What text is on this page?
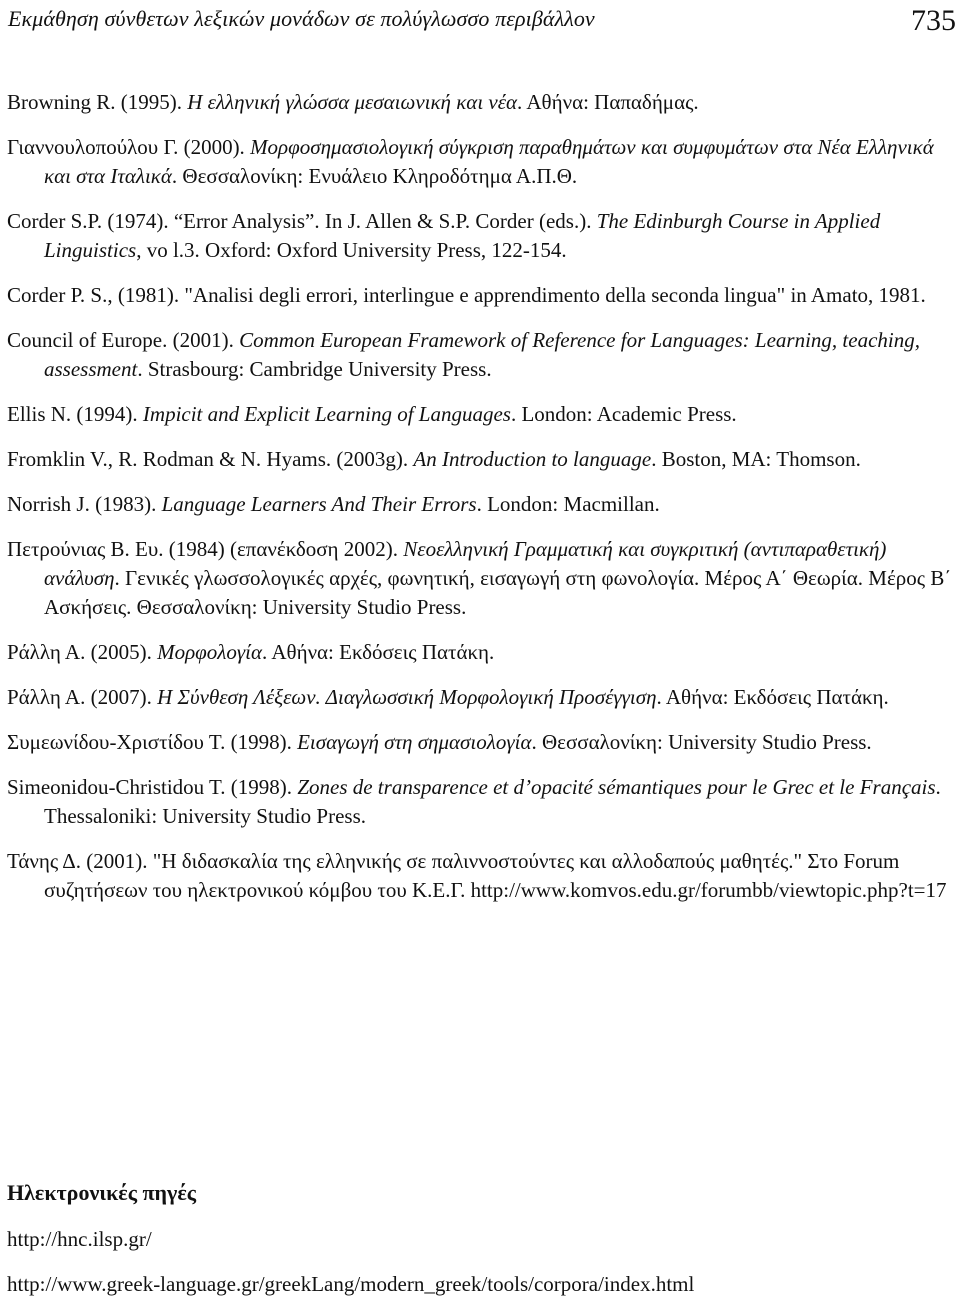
Εκμάθηση σύνθετων λεξικών μονάδων σε πολύγλωσσο περιβάλλον	735

Browning R. (1995). Η ελληνική γλώσσα μεσαιωνική και νέα. Αθήνα: Παπαδήμας.

Γιαννουλοπούλου Γ. (2000). Μορφοσημασιολογική σύγκριση παραθημάτων και συμφυμάτων στα Νέα Ελληνικά και στα Ιταλικά. Θεσσαλονίκη: Ενυάλειο Κληροδότημα Α.Π.Θ.

Corder S.P. (1974). “Error Analysis”. In J. Allen & S.P. Corder (eds.). The Edinburgh Course in Applied Linguistics, vo l.3. Oxford: Oxford University Press, 122-154.

Corder P. S., (1981). "Analisi degli errori, interlingue e apprendimento della seconda lingua" in Amato, 1981.

Council of Europe. (2001). Common European Framework of Reference for Languages: Learning, teaching, assessment. Strasbourg: Cambridge University Press.

Ellis N. (1994). Impicit and Explicit Learning of Languages. London: Academic Press.

Fromklin V., R. Rodman & N. Hyams. (2003g). An Introduction to language. Boston, MA: Thomson.

Norrish J. (1983). Language Learners And Their Errors. London: Macmillan.

Πετρούνιας Β. Ευ. (1984) (επανέκδοση 2002). Νεοελληνική Γραμματική και συγκριτική (αντιπαραθετική) ανάλυση. Γενικές γλωσσολογικές αρχές, φωνητική, εισαγωγή στη φωνολογία. Μέρος Α΄ Θεωρία. Μέρος Β΄ Ασκήσεις. Θεσσαλονίκη: University Studio Press.

Ράλλη Α. (2005). Μορφολογία. Αθήνα: Εκδόσεις Πατάκη.

Ράλλη Α. (2007). Η Σύνθεση Λέξεων. Διαγλωσσική Μορφολογική Προσέγγιση. Αθήνα: Εκδόσεις Πατάκη.

Συμεωνίδου-Χριστίδου Τ. (1998). Εισαγωγή στη σημασιολογία. Θεσσαλονίκη: University Studio Press.

Simeonidou-Christidou T. (1998). Zones de transparence et d’opacité sémantiques pour le Grec et le Français. Thessaloniki: University Studio Press.

Τάνης Δ. (2001). "Η διδασκαλία της ελληνικής σε παλιννοστούντες και αλλοδαπούς μαθητές." Στο Forum συζητήσεων του ηλεκτρονικού κόμβου του Κ.Ε.Γ. http://www.komvos.edu.gr/forumbb/viewtopic.php?t=17

Ηλεκτρονικές πηγές
http://hnc.ilsp.gr/
http://www.greek-language.gr/greekLang/modern_greek/tools/corpora/index.html
